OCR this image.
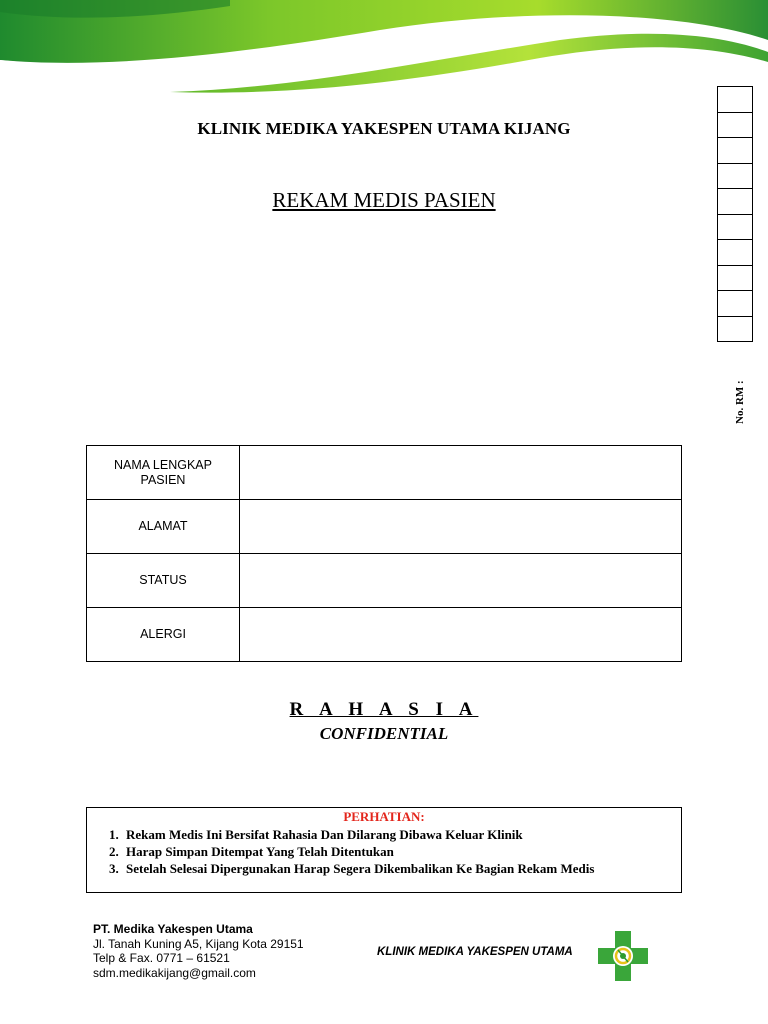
KLINIK MEDIKA YAKESPEN UTAMA KIJANG
REKAM MEDIS PASIEN
No. RM :
NAMA LENGKAP PASIEN	
ALAMAT	
STATUS	
ALERGI	
R A H A S I A
CONFIDENTIAL
PERHATIAN:
1. Rekam Medis Ini Bersifat Rahasia Dan Dilarang Dibawa Keluar Klinik
2. Harap Simpan Ditempat Yang Telah Ditentukan
3. Setelah Selesai Dipergunakan Harap Segera Dikembalikan Ke Bagian Rekam Medis
PT. Medika Yakespen Utama
Jl. Tanah Kuning A5, Kijang Kota 29151
Telp & Fax. 0771 – 61521
sdm.medikakijang@gmail.com
KLINIK MEDIKA YAKESPEN UTAMA
